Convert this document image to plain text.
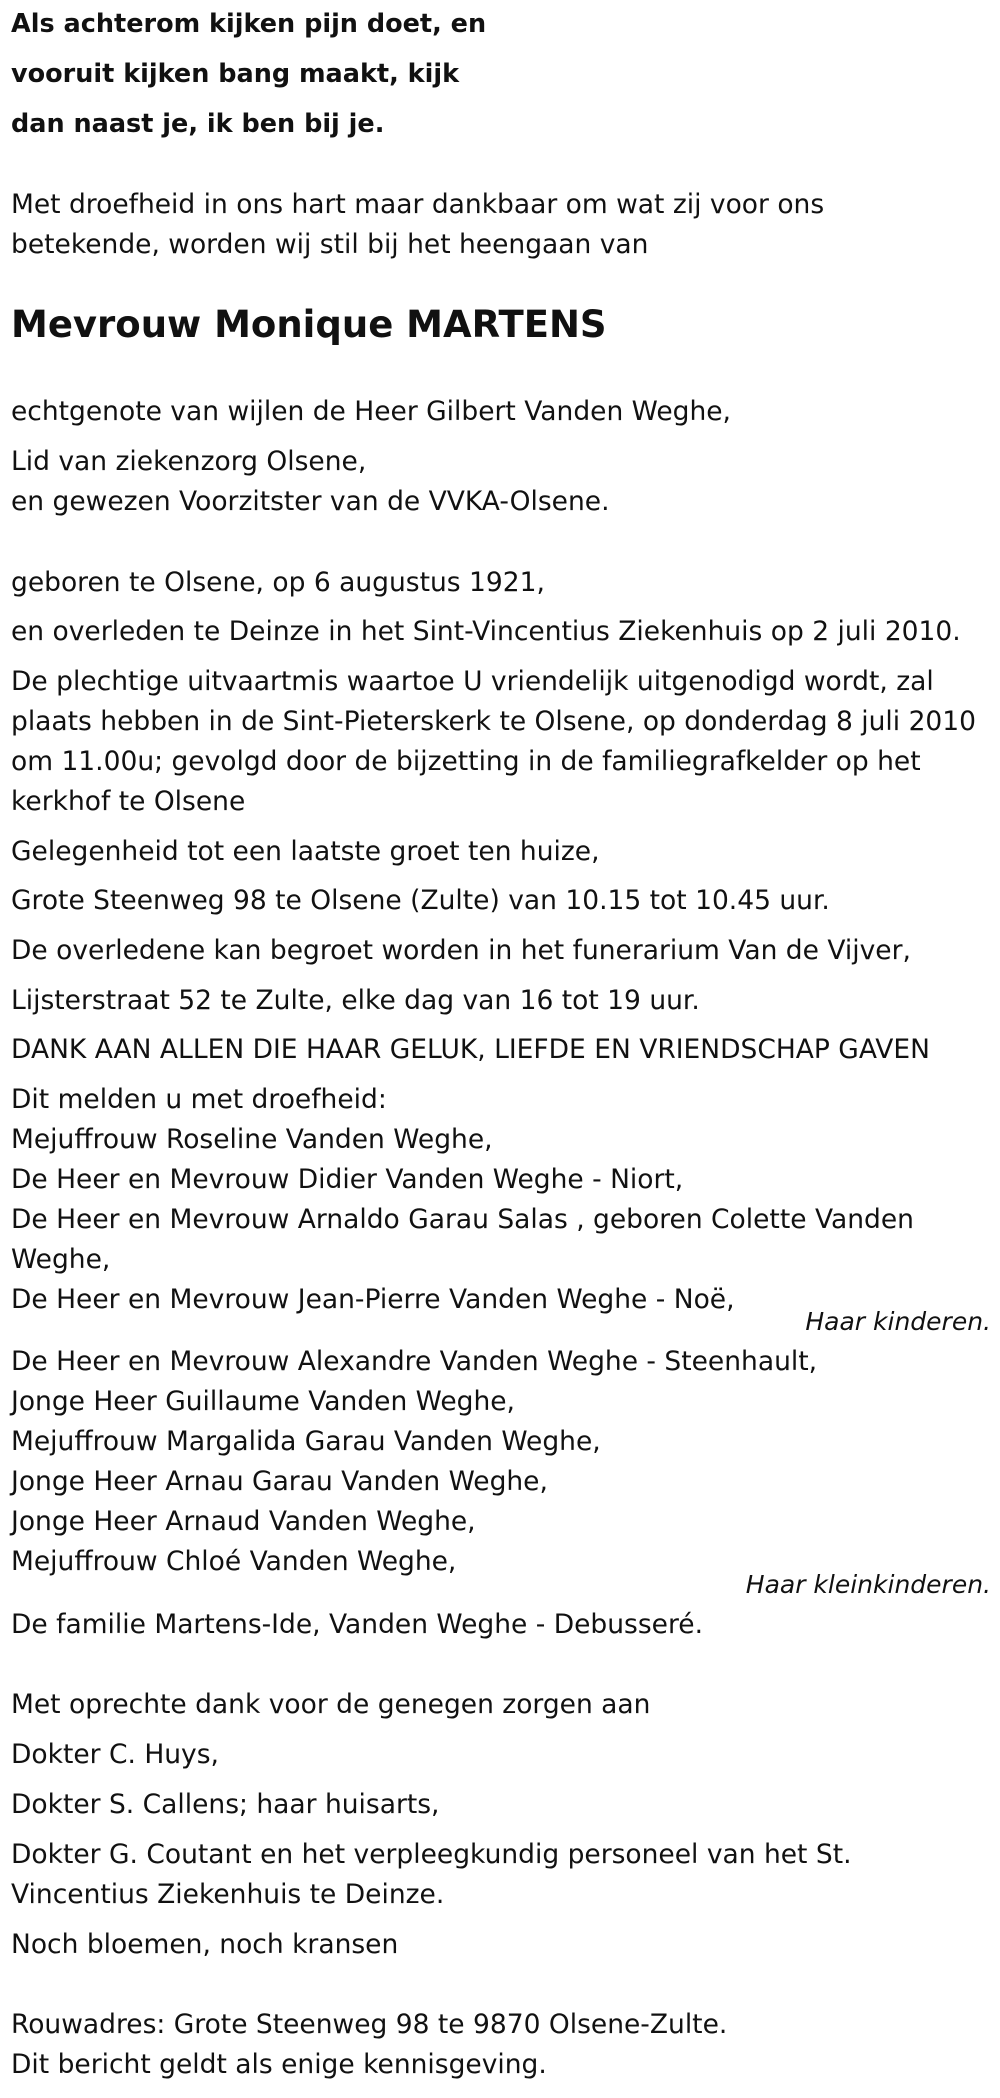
Als achterom kijken pijn doet, en
vooruit kijken bang maakt, kijk
dan naast je, ik ben bij je.
Met droefheid in ons hart maar dankbaar om wat zij voor ons
betekende, worden wij stil bij het heengaan van
Mevrouw Monique MARTENS
echtgenote van wijlen de Heer Gilbert Vanden Weghe,
Lid van ziekenzorg Olsene,
en gewezen Voorzitster van de VVKA-Olsene.
geboren te Olsene, op 6 augustus 1921,
en overleden te Deinze in het Sint-Vincentius Ziekenhuis op 2 juli 2010.
De plechtige uitvaartmis waartoe U vriendelijk uitgenodigd wordt, zal
plaats hebben in de Sint-Pieterskerk te Olsene, op donderdag 8 juli 2010
om 11.00u; gevolgd door de bijzetting in de familiegrafkelder op het
kerkhof te Olsene
Gelegenheid tot een laatste groet ten huize,
Grote Steenweg 98 te Olsene (Zulte) van 10.15 tot 10.45 uur.
De overledene kan begroet worden in het funerarium Van de Vijver,
Lijsterstraat 52 te Zulte, elke dag van 16 tot 19 uur.
DANK AAN ALLEN DIE HAAR GELUK, LIEFDE EN VRIENDSCHAP GAVEN
Dit melden u met droefheid:
Mejuffrouw Roseline Vanden Weghe,
De Heer en Mevrouw Didier Vanden Weghe - Niort,
De Heer en Mevrouw Arnaldo Garau Salas , geboren Colette Vanden
Weghe,
De Heer en Mevrouw Jean-Pierre Vanden Weghe - Noë,
Haar kinderen.
De Heer en Mevrouw Alexandre Vanden Weghe - Steenhault,
Jonge Heer Guillaume Vanden Weghe,
Mejuffrouw Margalida Garau Vanden Weghe,
Jonge Heer Arnau Garau Vanden Weghe,
Jonge Heer Arnaud Vanden Weghe,
Mejuffrouw Chloé Vanden Weghe,
Haar kleinkinderen.
De familie Martens-Ide, Vanden Weghe - Debusseré.
Met oprechte dank voor de genegen zorgen aan
Dokter C. Huys,
Dokter S. Callens; haar huisarts,
Dokter G. Coutant en het verpleegkundig personeel van het St.
Vincentius Ziekenhuis te Deinze.
Noch bloemen, noch kransen
Rouwadres: Grote Steenweg 98 te 9870 Olsene-Zulte.
Dit bericht geldt als enige kennisgeving.
